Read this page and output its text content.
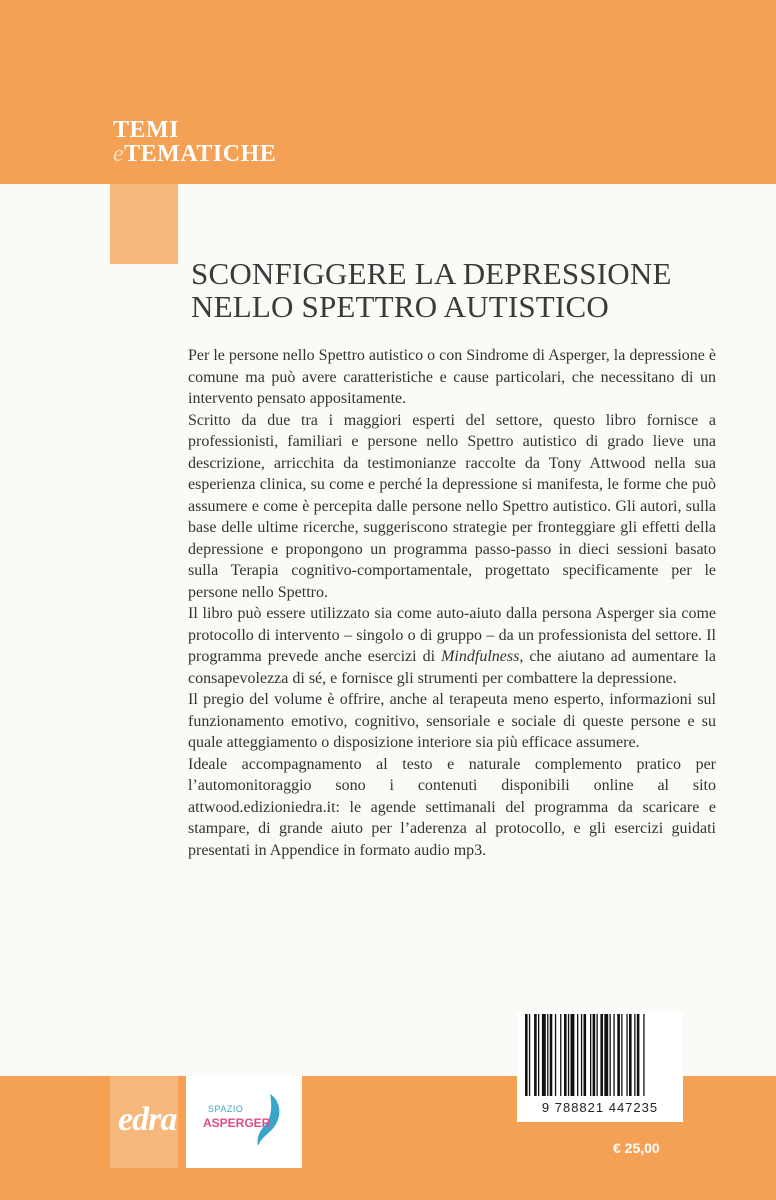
TEMI
eTEMATICHE
SCONFIGGERE LA DEPRESSIONE
NELLO SPETTRO AUTISTICO

Per le persone nello Spettro autistico o con Sindrome di Asperger, la depressione è comune ma può avere caratteristiche e cause particolari, che necessitano di un intervento pensato appositamente.

Scritto da due tra i maggiori esperti del settore, questo libro fornisce a professionisti, familiari e persone nello Spettro autistico di grado lieve una descrizione, arricchita da testimonianze raccolte da Tony Attwood nella sua esperienza clinica, su come e perché la depressione si manifesta, le forme che può assumere e come è percepita dalle persone nello Spettro autistico. Gli autori, sulla base delle ultime ricerche, suggeriscono strategie per fronteggiare gli effetti della depressione e propongono un programma passo-passo in dieci sessioni basato sulla Terapia cognitivo-comportamentale, progettato specificamente per le persone nello Spettro.

Il libro può essere utilizzato sia come auto-aiuto dalla persona Asperger sia come protocollo di intervento – singolo o di gruppo – da un professionista del settore. Il programma prevede anche esercizi di Mindfulness, che aiutano ad aumentare la consapevolezza di sé, e fornisce gli strumenti per combattere la depressione.

Il pregio del volume è offrire, anche al terapeuta meno esperto, informazioni sul funzionamento emotivo, cognitivo, sensoriale e sociale di queste persone e su quale atteggiamento o disposizione interiore sia più efficace assumere.

Ideale accompagnamento al testo e naturale complemento pratico per l’automonitoraggio sono i contenuti disponibili online al sito attwood.edizioniedra.it: le agende settimanali del programma da scaricare e stampare, di grande aiuto per l’aderenza al protocollo, e gli esercizi guidati presentati in Appendice in formato audio mp3.

edra	SPAZIO
ASPERGER
9 788821 447235
€ 25,00
